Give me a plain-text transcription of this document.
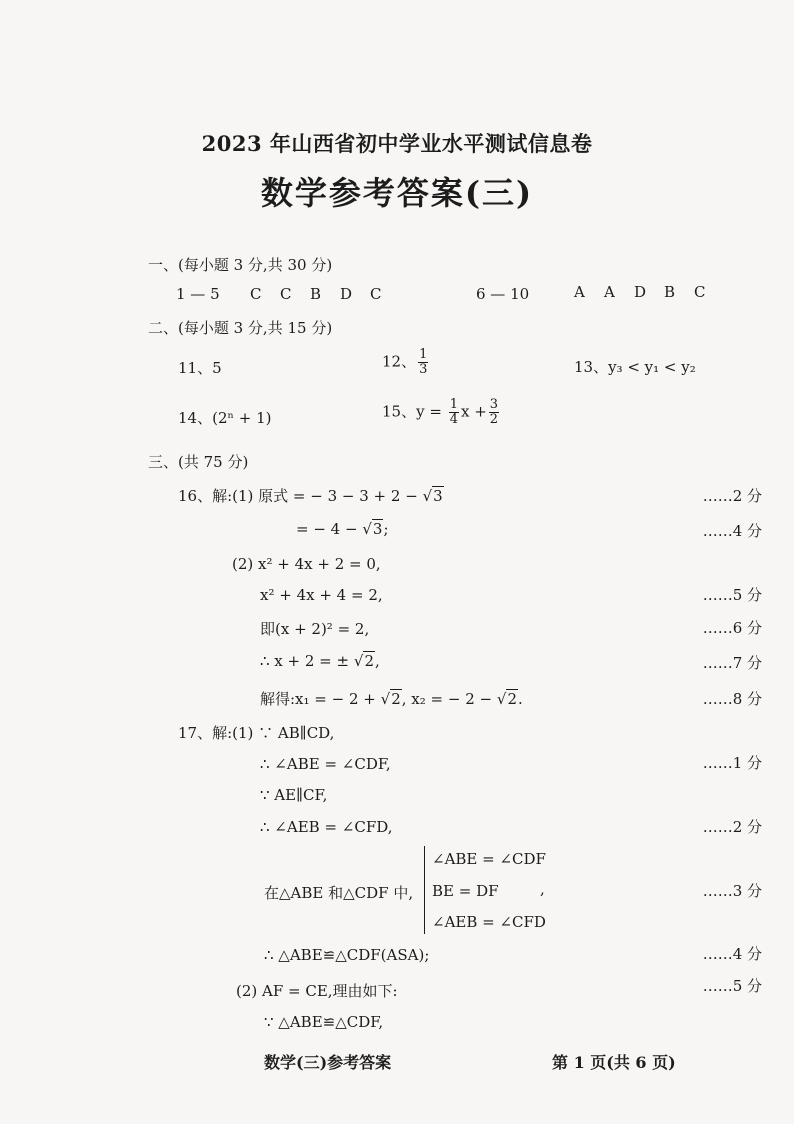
2023 年山西省初中学业水平测试信息卷
数学参考答案(三)
一、(每小题 3 分,共 30 分)
1 — 5 C C B D C	6 — 10	A A D B C
二、(每小题 3 分,共 15 分)
11、5	12、 $\frac{1}{3}$	13、y₃ < y₁ < y₂
14、(2ⁿ + 1)	15、$y = \frac{1}{4}$ $x + \frac{3}{2}$
三、(共 75 分)
16、解:(1) 原式 = − 3 − 3 + 2 − √3	……2 分
= − 4 − √3;	……4 分
(2) x² + 4x + 2 = 0,
x² + 4x + 4 = 2,	……5 分
即(x + 2)² = 2,	……6 分
∴ x + 2 = ± √2,	……7 分
解得:x₁ = − 2 + √2, x₂ = − 2 − √2.	……8 分
17、解:(1) ∵ AB∥CD,
∴ ∠ABE = ∠CDF,	……1 分
∵ AE∥CF,
∴ ∠AEB = ∠CFD,	……2 分
在△ABE 和△CDF 中,
∠ABE = ∠CDF
BE = DF
∠AEB = ∠CFD
,	……3 分
∴ △ABE≌△CDF(ASA);	……4 分
(2) AF = CE,理由如下:	……5 分
∵ △ABE≌△CDF,
数学(三)参考答案	第 1 页(共 6 页)
